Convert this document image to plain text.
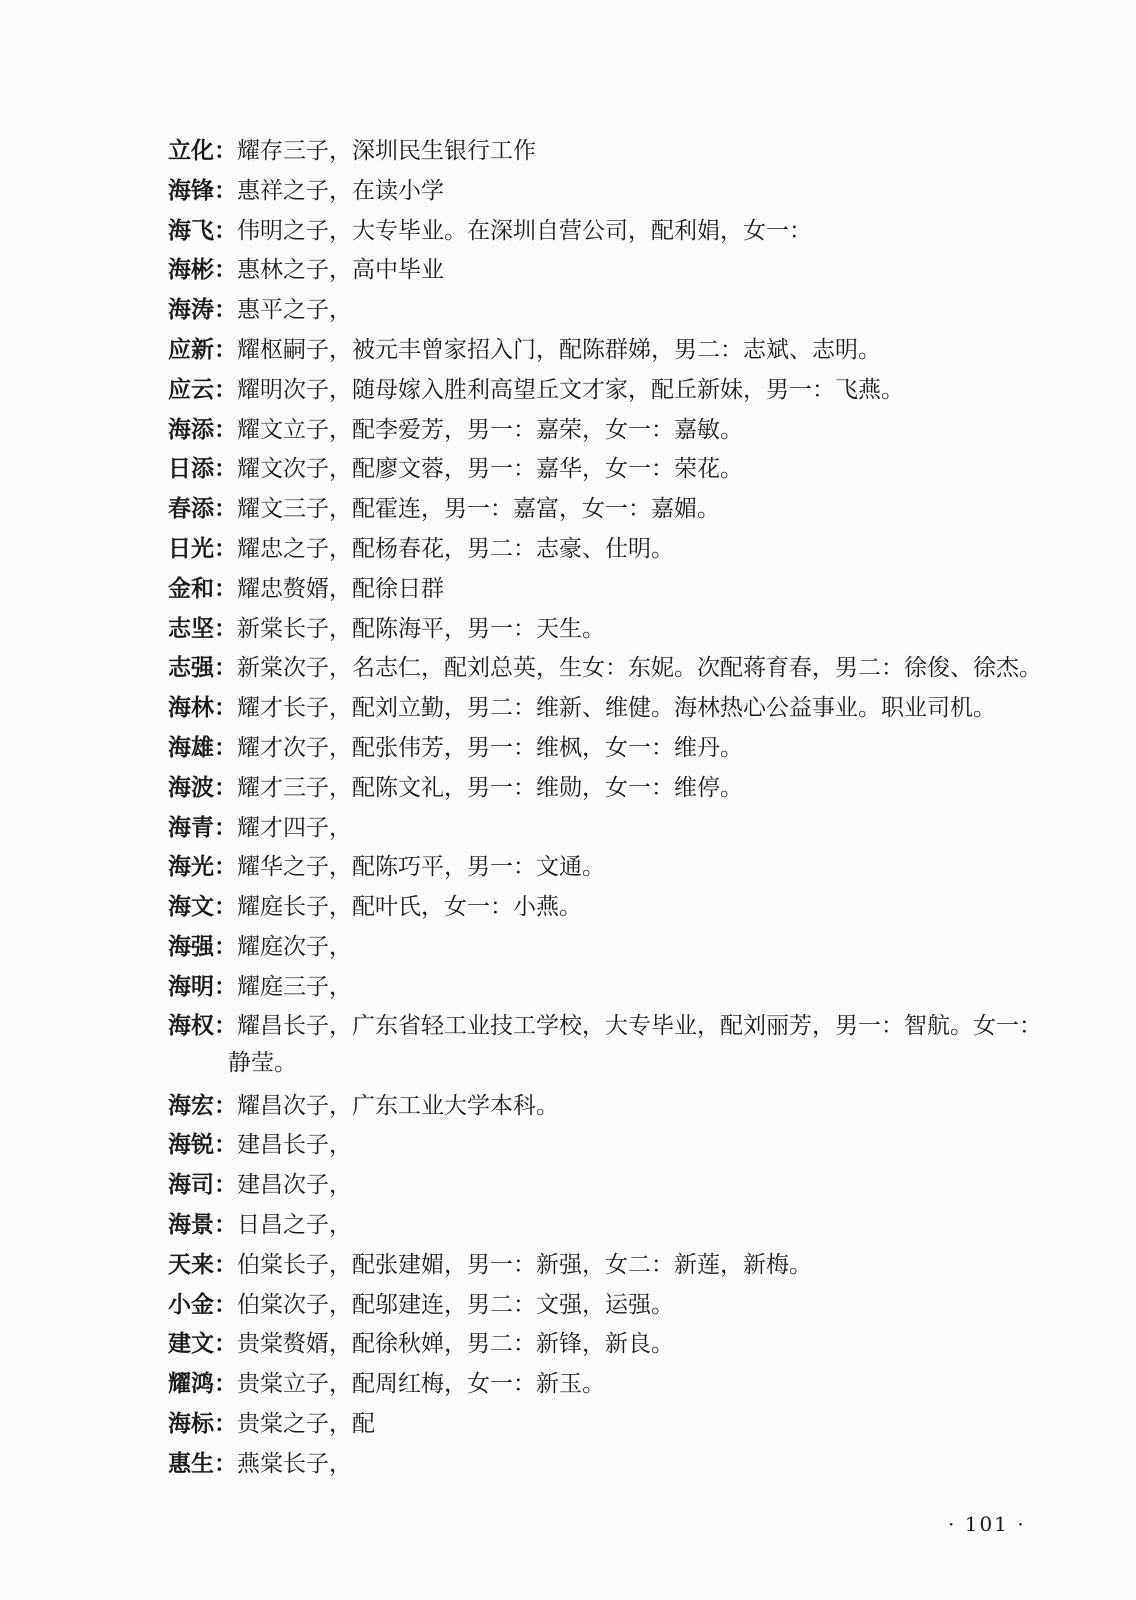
立化：耀存三子，深圳民生银行工作
海锋：惠祥之子，在读小学
海飞：伟明之子，大专毕业。在深圳自营公司，配利娟，女一：
海彬：惠林之子，高中毕业
海涛：惠平之子，
应新：耀枢嗣子，被元丰曾家招入门，配陈群娣，男二：志斌、志明。
应云：耀明次子，随母嫁入胜利高望丘文才家，配丘新妹，男一：飞燕。
海添：耀文立子，配李爱芳，男一：嘉荣，女一：嘉敏。
日添：耀文次子，配廖文蓉，男一：嘉华，女一：荣花。
春添：耀文三子，配霍连，男一：嘉富，女一：嘉媚。
日光：耀忠之子，配杨春花，男二：志豪、仕明。
金和：耀忠赘婿，配徐日群
志坚：新棠长子，配陈海平，男一：天生。
志强：新棠次子，名志仁，配刘总英，生女：东妮。次配蒋育春，男二：徐俊、徐杰。
海林：耀才长子，配刘立勤，男二：维新、维健。海林热心公益事业。职业司机。
海雄：耀才次子，配张伟芳，男一：维枫，女一：维丹。
海波：耀才三子，配陈文礼，男一：维勋，女一：维停。
海青：耀才四子，
海光：耀华之子，配陈巧平，男一：文通。
海文：耀庭长子，配叶氏，女一：小燕。
海强：耀庭次子，
海明：耀庭三子，
海权：耀昌长子，广东省轻工业技工学校，大专毕业，配刘丽芳，男一：智航。女一：静莹。
海宏：耀昌次子，广东工业大学本科。
海锐：建昌长子，
海司：建昌次子，
海景：日昌之子，
天来：伯棠长子，配张建媚，男一：新强，女二：新莲，新梅。
小金：伯棠次子，配邬建连，男二：文强，运强。
建文：贵棠赘婿，配徐秋婵，男二：新锋，新良。
耀鸿：贵棠立子，配周红梅，女一：新玉。
海标：贵棠之子，配
惠生：燕棠长子，
· 101 ·
